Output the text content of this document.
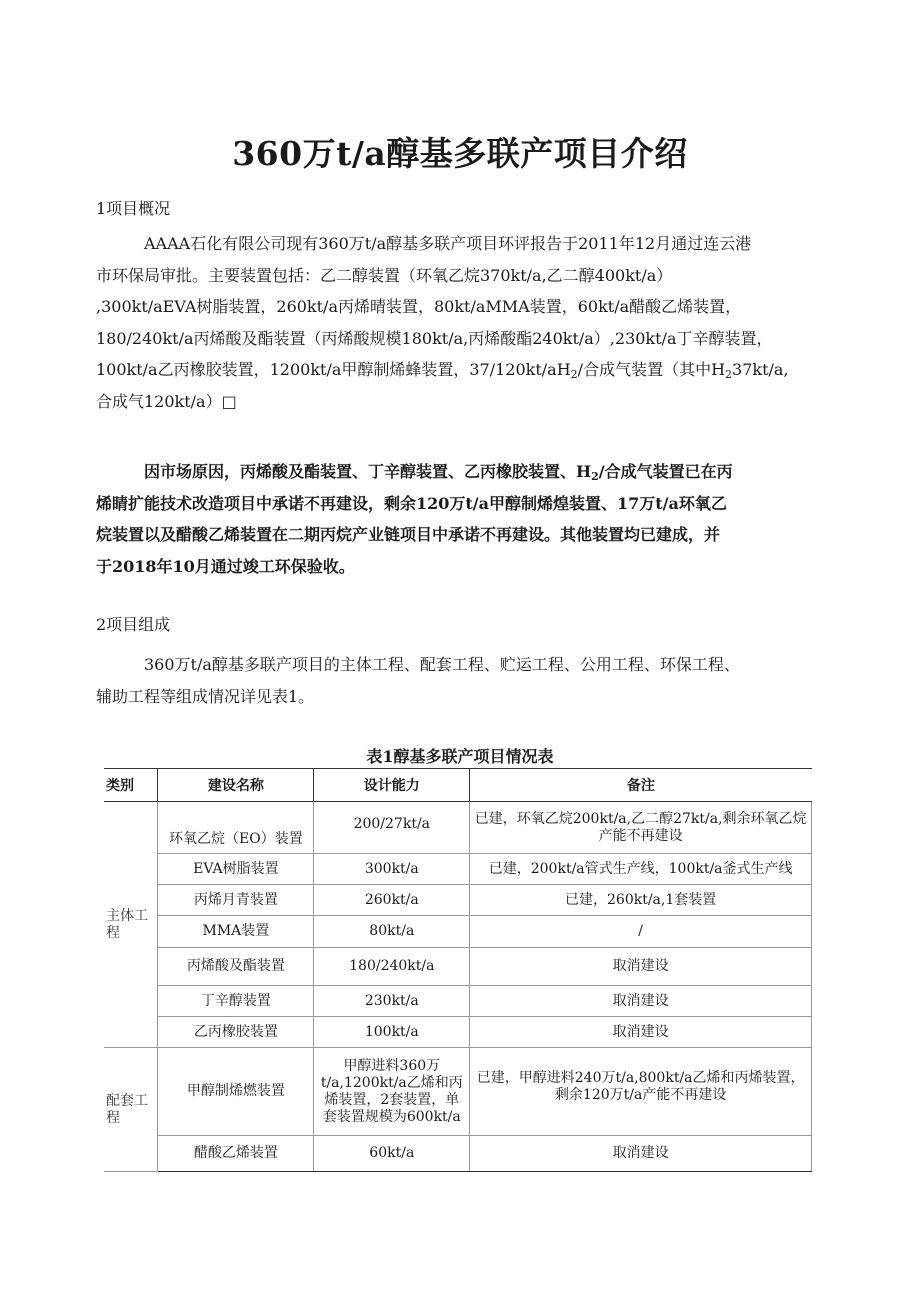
360万t/a醇基多联产项目介绍
1项目概况
AAAA石化有限公司现有360万t/a醇基多联产项目环评报告于2011年12月通过连云港
市环保局审批。主要装置包括：乙二醇装置（环氧乙烷370kt/a,乙二醇400kt/a）
,300kt/aEVA树脂装置，260kt/a丙烯晴装置，80kt/aMMA装置，60kt/a醋酸乙烯装置，
180/240kt/a丙烯酸及酯装置（丙烯酸规模180kt/a,丙烯酸酯240kt/a）,230kt/a丁辛醇装置，
100kt/a乙丙橡胶装置，1200kt/a甲醇制烯蜂装置，$37/120kt/aH_2/$合成气装置（其中$H_237kt/a$,
合成气120kt/a）□
因市场原因，丙烯酸及酯装置、丁辛醇装置、乙丙橡胶装置、$H_2/$合成气装置已在丙
烯睛扩能技术改造项目中承诺不再建设，剩余120万t/a甲醇制烯煌装置、17万t/a环氧乙
烷装置以及醋酸乙烯装置在二期丙烷产业链项目中承诺不再建设。其他装置均已建成，并
于2018年10月通过竣工环保验收。
2项目组成
360万t/a醇基多联产项目的主体工程、配套工程、贮运工程、公用工程、环保工程、
辅助工程等组成情况详见表1。
表1醇基多联产项目情况表
类别	建设名称	设计能力	备注
主体工程	环氧乙烷（EO）装置	200/27kt/a	已建，环氧乙烷200kt/a,乙二醇27kt/a,剩余环氧乙烷产能不再建设
	EVA树脂装置	300kt/a	已建，200kt/a管式生产线，100kt/a釜式生产线
	丙烯月青装置	260kt/a	已建，260kt/a,1套装置
	MMA装置	80kt/a	/
	丙烯酸及酯装置	180/240kt/a	取消建设
	丁辛醇装置	230kt/a	取消建设
	乙丙橡胶装置	100kt/a	取消建设
配套工程	甲醇制烯燃装置	甲醇进料360万t/a,1200kt/a乙烯和丙烯装置，2套装置，单套装置规模为600kt/a	已建，甲醇进料240万t/a,800kt/a乙烯和丙烯装置，剩余120万t/a产能不再建设
	醋酸乙烯装置	60kt/a	取消建设
